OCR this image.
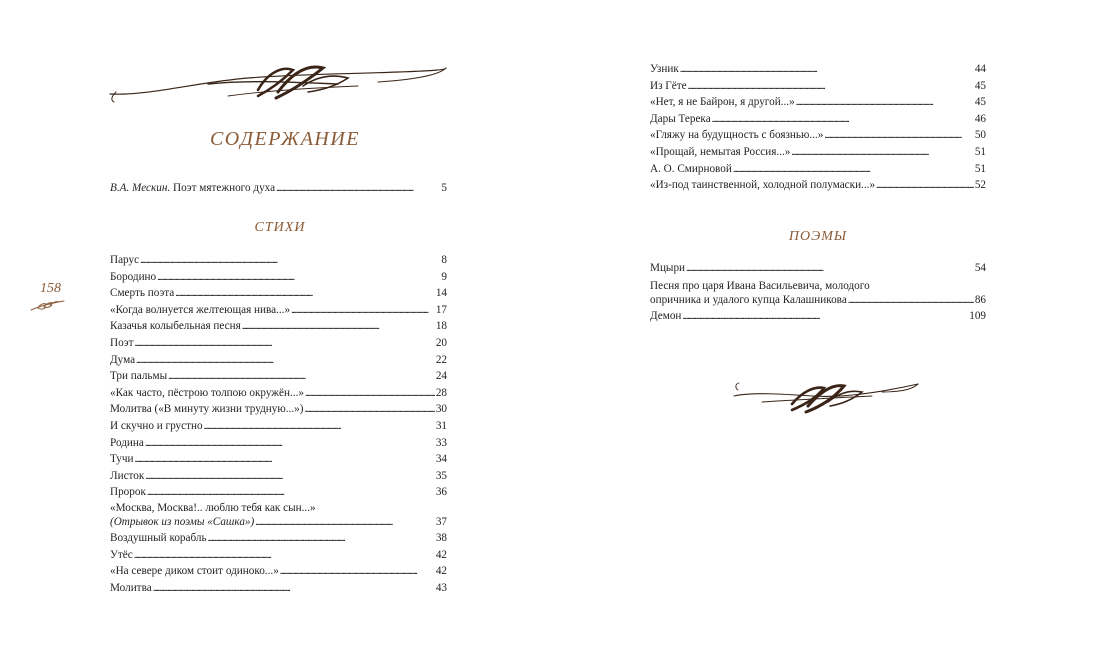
СОДЕРЖАНИЕ
В.А. Мескин. Поэт мятежного духа . . .	5
СТИХИ
Парус . . .	8
Бородино . . .	9
Смерть поэта . . .	14
«Когда волнуется желтеющая нива...» . . .	17
Казачья колыбельная песня . . .	18
Поэт . . .	20
Дума . . .	22
Три пальмы . . .	24
«Как часто, пёстрою толпою окружён...» . . .	28
Молитва («В минуту жизни трудную...») . . .	30
И скучно и грустно . . .	31
Родина . . .	33
Тучи . . .	34
Листок . . .	35
Пророк . . .	36
«Москва, Москва!.. люблю тебя как сын...»
(Отрывок из поэмы «Сашка») . . .	37
Воздушный корабль . . .	38
Утёс . . .	42
«На севере диком стоит одиноко...» . . .	42
Молитва . . .	43
158
Узник . . .	44
Из Гёте . . .	45
«Нет, я не Байрон, я другой...» . . .	45
Дары Терека . . .	46
«Гляжу на будущность с боязнью...» . . .	50
«Прощай, немытая Россия...» . . .	51
А. О. Смирновой . . .	51
«Из-под таинственной, холодной полумаски...» . . .	52
ПОЭМЫ
Мцыри . . .	54
Песня про царя Ивана Васильевича, молодого
опричника и удалого купца Калашникова . . .	86
Демон . . .	109
